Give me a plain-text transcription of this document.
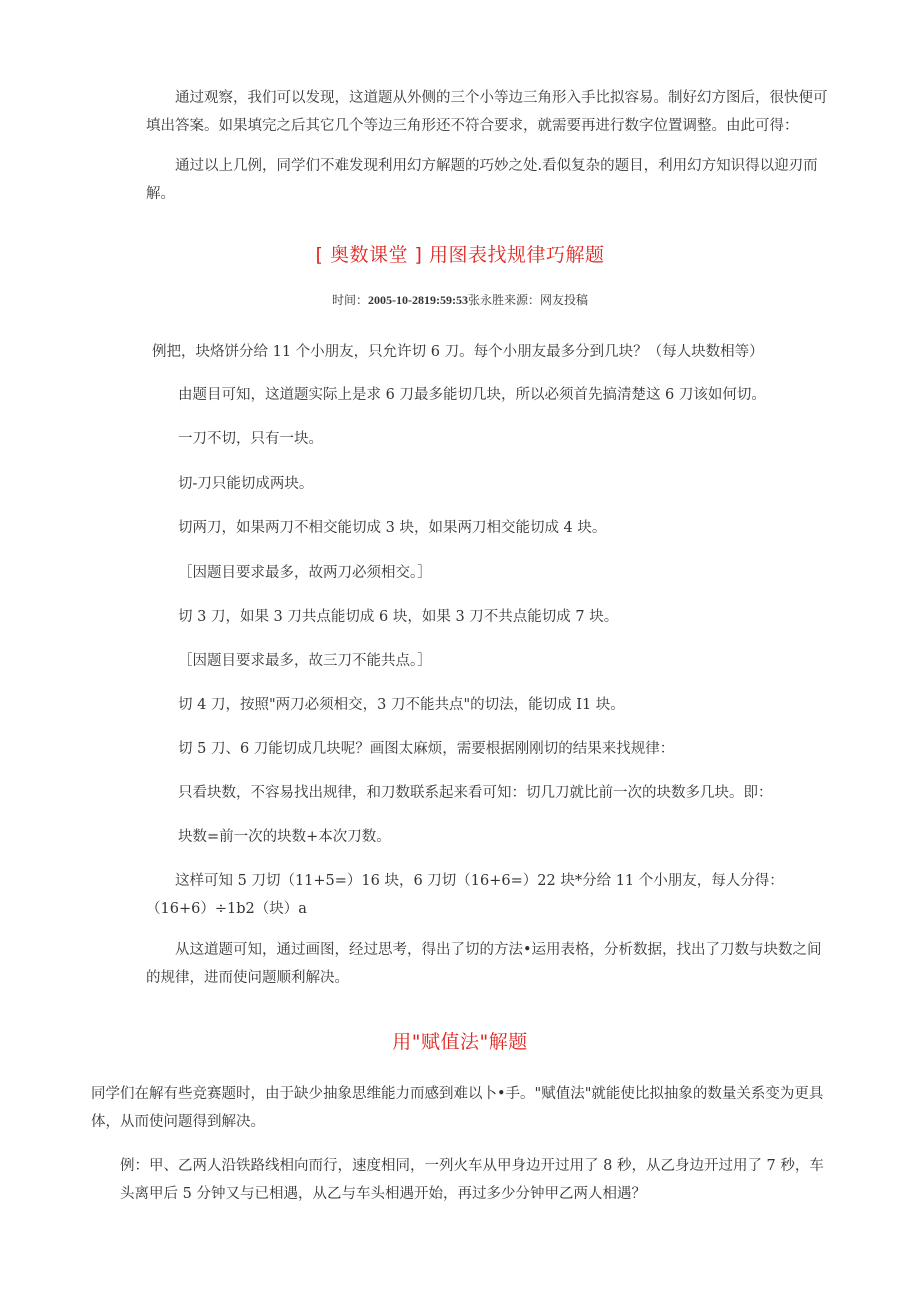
通过观察，我们可以发现，这道题从外侧的三个小等边三角形入手比拟容易。制好幻方图后，很快便可填出答案。如果填完之后其它几个等边三角形还不符合要求，就需要再进行数字位置调整。由此可得：

通过以上几例，同学们不难发现利用幻方解题的巧妙之处.看似复杂的题目，利用幻方知识得以迎刃而解。

[ 奥数课堂 ] 用图表找规律巧解题
时间：2005-10-2819:59:53张永胜来源：网友投稿

例把，块烙饼分给 11 个小朋友，只允许切 6 刀。每个小朋友最多分到几块？（每人块数相等）

由题目可知，这道题实际上是求 6 刀最多能切几块，所以必须首先搞清楚这 6 刀该如何切。

一刀不切，只有一块。

切-刀只能切成两块。

切两刀，如果两刀不相交能切成 3 块，如果两刀相交能切成 4 块。

［因题目要求最多，故两刀必须相交。］

切 3 刀，如果 3 刀共点能切成 6 块，如果 3 刀不共点能切成 7 块。

［因题目要求最多，故三刀不能共点。］

切 4 刀，按照"两刀必须相交，3 刀不能共点"的切法，能切成 I1 块。

切 5 刀、6 刀能切成几块呢？画图太麻烦，需要根据刚刚切的结果来找规律：

只看块数，不容易找出规律，和刀数联系起来看可知：切几刀就比前一次的块数多几块。即：

块数=前一次的块数+本次刀数。

这样可知 5 刀切（11+5=）16 块，6 刀切（16+6=）22 块*分给 11 个小朋友，每人分得：（16+6）÷1b2（块）a

从这道题可知，通过画图，经过思考，得出了切的方法•运用表格，分析数据，找出了刀数与块数之间的规律，进而使问题顺利解决。

用"赋值法"解题

同学们在解有些竞赛题时，由于缺少抽象思维能力而感到难以卜•手。"赋值法"就能使比拟抽象的数量关系变为更具体，从而使问题得到解决。

例：甲、乙两人沿铁路线相向而行，速度相同，一列火车从甲身边开过用了 8 秒，从乙身边开过用了 7 秒，车头离甲后 5 分钟又与已相遇，从乙与车头相遇开始，再过多少分钟甲乙两人相遇？
